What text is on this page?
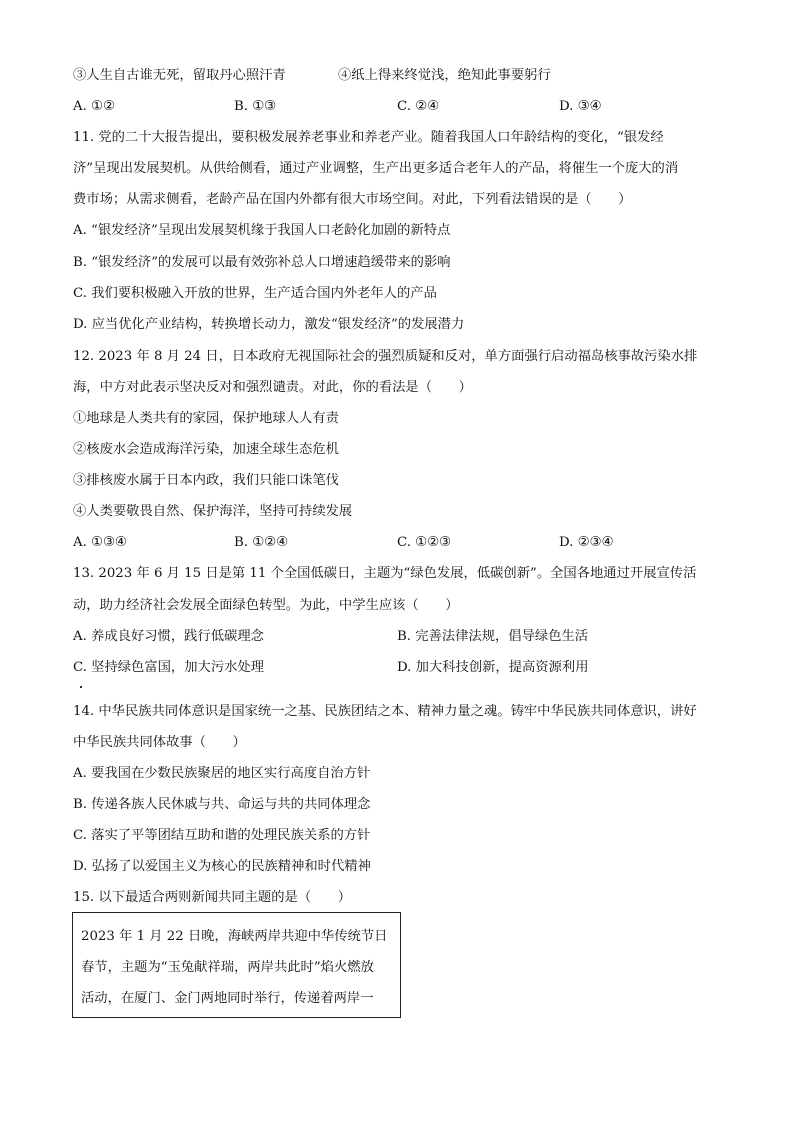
③人生自古谁无死，留取丹心照汗青	④纸上得来终觉浅，绝知此事要躬行
A. ①②	B. ①③	C. ②④	D. ③④
11. 党的二十大报告提出，要积极发展养老事业和养老产业。随着我国人口年龄结构的变化，“银发经
济”呈现出发展契机。从供给侧看，通过产业调整，生产出更多适合老年人的产品，将催生一个庞大的消
费市场；从需求侧看，老龄产品在国内外都有很大市场空间。对此，下列看法错误的是（　　）
A. “银发经济”呈现出发展契机缘于我国人口老龄化加剧的新特点
B. “银发经济”的发展可以最有效弥补总人口增速趋缓带来的影响
C. 我们要积极融入开放的世界，生产适合国内外老年人的产品
D. 应当优化产业结构，转换增长动力，激发“银发经济”的发展潜力
12. 2023 年 8 月 24 日，日本政府无视国际社会的强烈质疑和反对，单方面强行启动福岛核事故污染水排
海，中方对此表示坚决反对和强烈谴责。对此，你的看法是（　　）
①地球是人类共有的家园，保护地球人人有责
②核废水会造成海洋污染，加速全球生态危机
③排核废水属于日本内政，我们只能口诛笔伐
④人类要敬畏自然、保护海洋，坚持可持续发展
A. ①③④	B. ①②④	C. ①②③	D. ②③④
13. 2023 年 6 月 15 日是第 11 个全国低碳日，主题为“绿色发展，低碳创新”。全国各地通过开展宣传活
动，助力经济社会发展全面绿色转型。为此，中学生应该（　　）
A. 养成良好习惯，践行低碳理念	B. 完善法律法规，倡导绿色生活
C. 坚持绿色富国，加大污水处理	D. 加大科技创新，提高资源利用
14. 中华民族共同体意识是国家统一之基、民族团结之本、精神力量之魂。铸牢中华民族共同体意识，讲好
中华民族共同体故事（　　）
A. 要我国在少数民族聚居的地区实行高度自治方针
B. 传递各族人民休戚与共、命运与共的共同体理念
C. 落实了平等团结互助和谐的处理民族关系的方针
D. 弘扬了以爱国主义为核心的民族精神和时代精神
15. 以下最适合两则新闻共同主题的是（　　）
2023 年 1 月 22 日晚，海峡两岸共迎中华传统节日
春节，主题为“玉兔献祥瑞，两岸共此时”焰火燃放
活动，在厦门、金门两地同时举行，传递着两岸一
